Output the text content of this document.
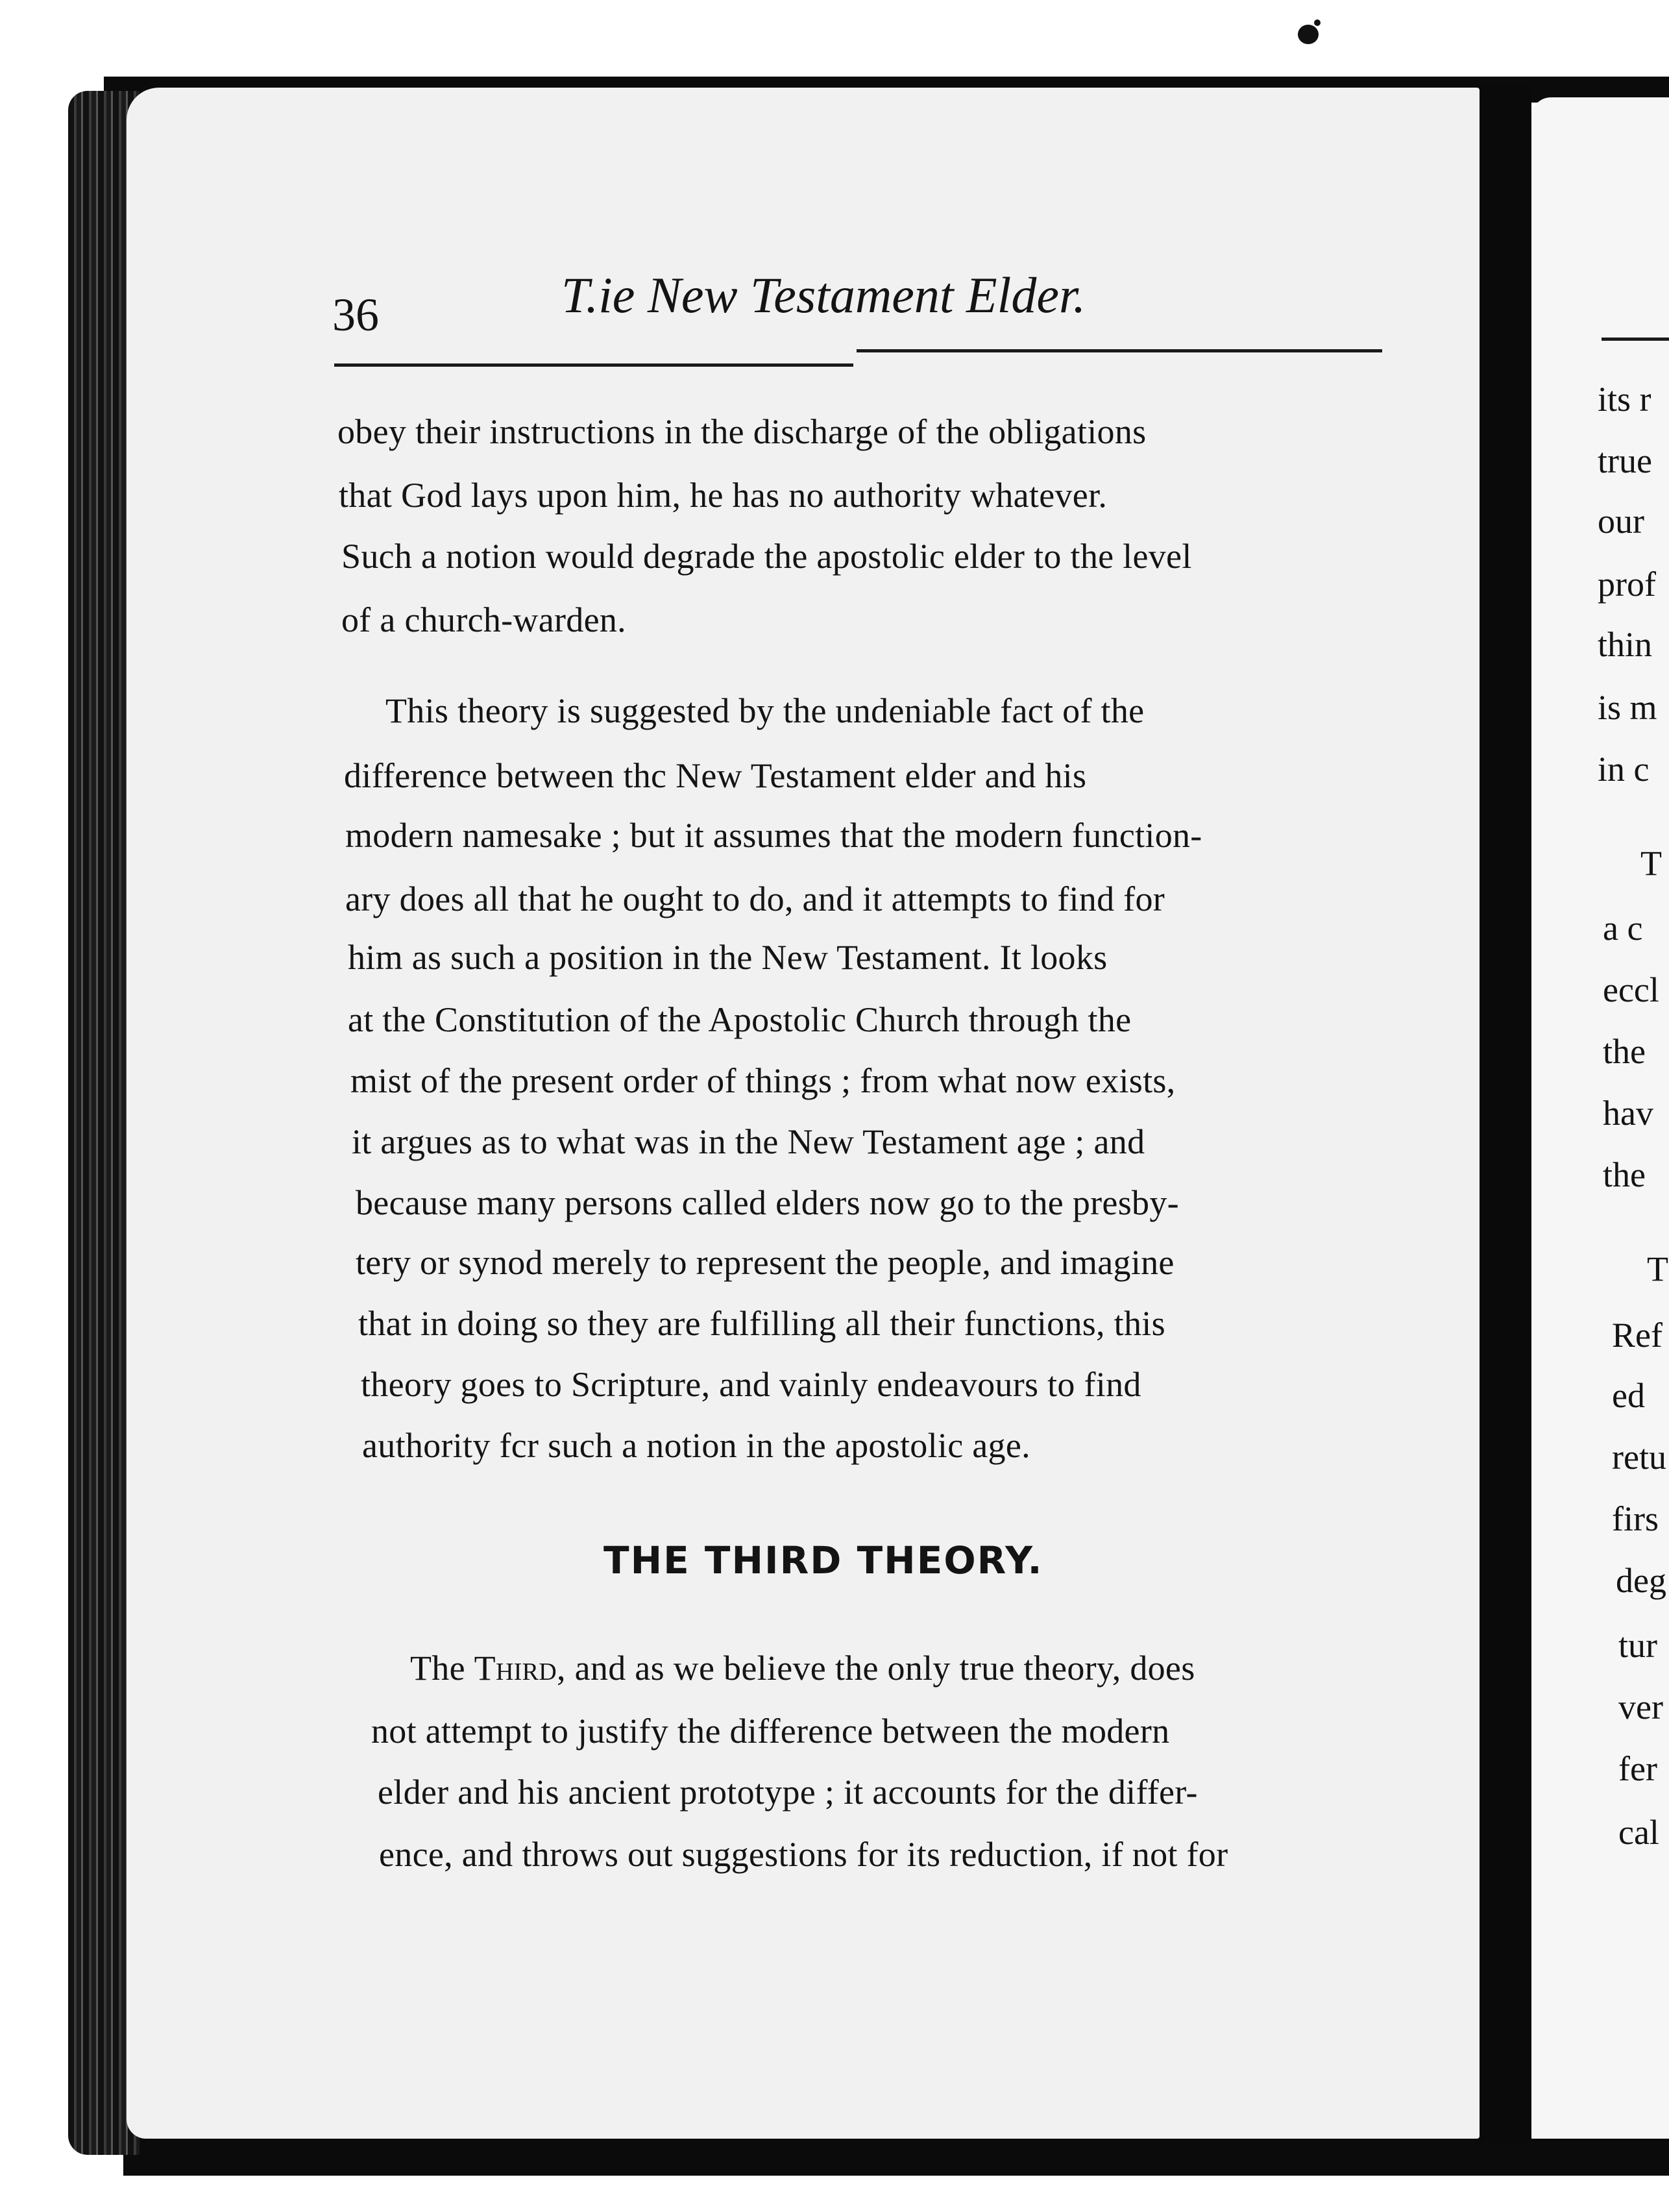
36	T.ie New Testament Elder.
obey their instructions in the discharge of the obligations
that God lays upon him, he has no authority whatever.
Such a notion would degrade the apostolic elder to the level
of a church-warden.
This theory is suggested by the undeniable fact of the
difference between thc New Testament elder and his
modern namesake ; but it assumes that the modern function-
ary does all that he ought to do, and it attempts to find for
him as such a position in the New Testament. It looks
at the Constitution of the Apostolic Church through the
mist of the present order of things ; from what now exists,
it argues as to what was in the New Testament age ; and
because many persons called elders now go to the presby-
tery or synod merely to represent the people, and imagine
that in doing so they are fulfilling all their functions, this
theory goes to Scripture, and vainly endeavours to find
authority fcr such a notion in the apostolic age.
THE THIRD THEORY.
The Third, and as we believe the only true theory, does
not attempt to justify the difference between the modern
elder and his ancient prototype ; it accounts for the differ-
ence, and throws out suggestions for its reduction, if not for
its r
true
our
prof
thin
is m
in c
T
a c
eccl
the
hav
the
T
Ref
ed
retu
firs
deg
tur
ver
fer
cal
